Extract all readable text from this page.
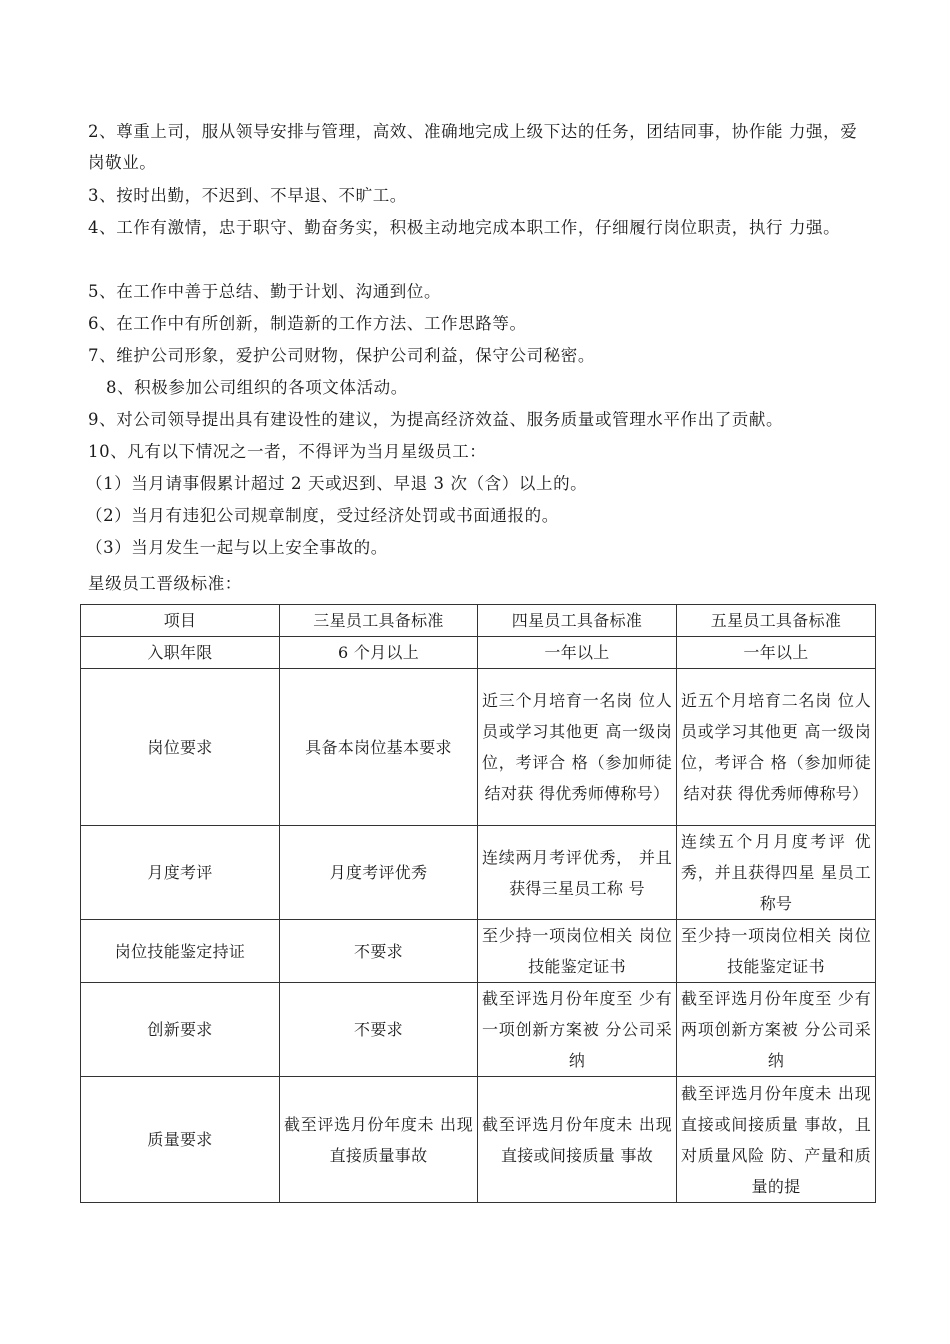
2、尊重上司，服从领导安排与管理，高效、准确地完成上级下达的任务，团结同事，协作能 力强，爱岗敬业。

3、按时出勤，不迟到、不早退、不旷工。

4、工作有激情，忠于职守、勤奋务实，积极主动地完成本职工作，仔细履行岗位职责，执行 力强。

5、在工作中善于总结、勤于计划、沟通到位。

6、在工作中有所创新，制造新的工作方法、工作思路等。

7、维护公司形象，爱护公司财物，保护公司利益，保守公司秘密。

8、积极参加公司组织的各项文体活动。

9、对公司领导提出具有建设性的建议，为提高经济效益、服务质量或管理水平作出了贡献。

10、凡有以下情况之一者，不得评为当月星级员工：

（1）当月请事假累计超过 2 天或迟到、早退 3 次（含）以上的。

（2）当月有违犯公司规章制度，受过经济处罚或书面通报的。

（3）当月发生一起与以上安全事故的。

星级员工晋级标准：

项目	三星员工具备标准	四星员工具备标准	五星员工具备标准
入职年限	6 个月以上	一年以上	一年以上
岗位要求	具备本岗位基本要求	近三个月培育一名岗 位人员或学习其他更 高一级岗位，考评合 格（参加师徒结对获 得优秀师傅称号）	近五个月培育二名岗 位人员或学习其他更 高一级岗位，考评合 格（参加师徒结对获 得优秀师傅称号）
月度考评	月度考评优秀	连续两月考评优秀， 并且获得三星员工称 号	连续五个月月度考评 优秀，并且获得四星 星员工称号
岗位技能鉴定持证	不要求	至少持一项岗位相关 岗位技能鉴定证书	至少持一项岗位相关 岗位技能鉴定证书
创新要求	不要求	截至评选月份年度至 少有一项创新方案被 分公司采纳	截至评选月份年度至 少有两项创新方案被 分公司采纳
质量要求	截至评选月份年度未 出现直接质量事故	截至评选月份年度未 出现直接或间接质量 事故	截至评选月份年度未 出现直接或间接质量 事故，且对质量风险 防、产量和质量的提
